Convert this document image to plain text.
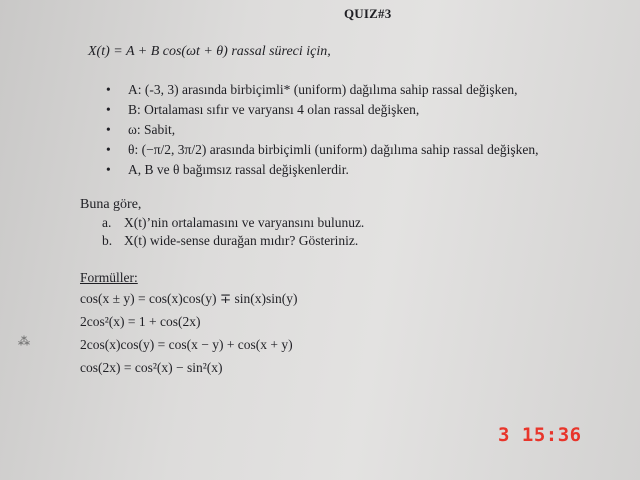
QUIZ#3
X(t) = A + B cos(ωt + θ) rassal süreci için,
• A: (-3, 3) arasında birbiçimli* (uniform) dağılıma sahip rassal değişken,
• B: Ortalaması sıfır ve varyansı 4 olan rassal değişken,
• ω: Sabit,
• θ: (−π/2, 3π/2) arasında birbiçimli (uniform) dağılıma sahip rassal değişken,
• A, B ve θ bağımsız rassal değişkenlerdir.
Buna göre,
a. X(t)’nin ortalamasını ve varyansını bulunuz.
b. X(t) wide-sense durağan mıdır? Gösteriniz.
Formüller:
cos(x ± y) = cos(x)cos(y) ∓ sin(x)sin(y)
2cos²(x) = 1 + cos(2x)
2cos(x)cos(y) = cos(x − y) + cos(x + y)
cos(2x) = cos²(x) − sin²(x)
⁂
3 15:36
